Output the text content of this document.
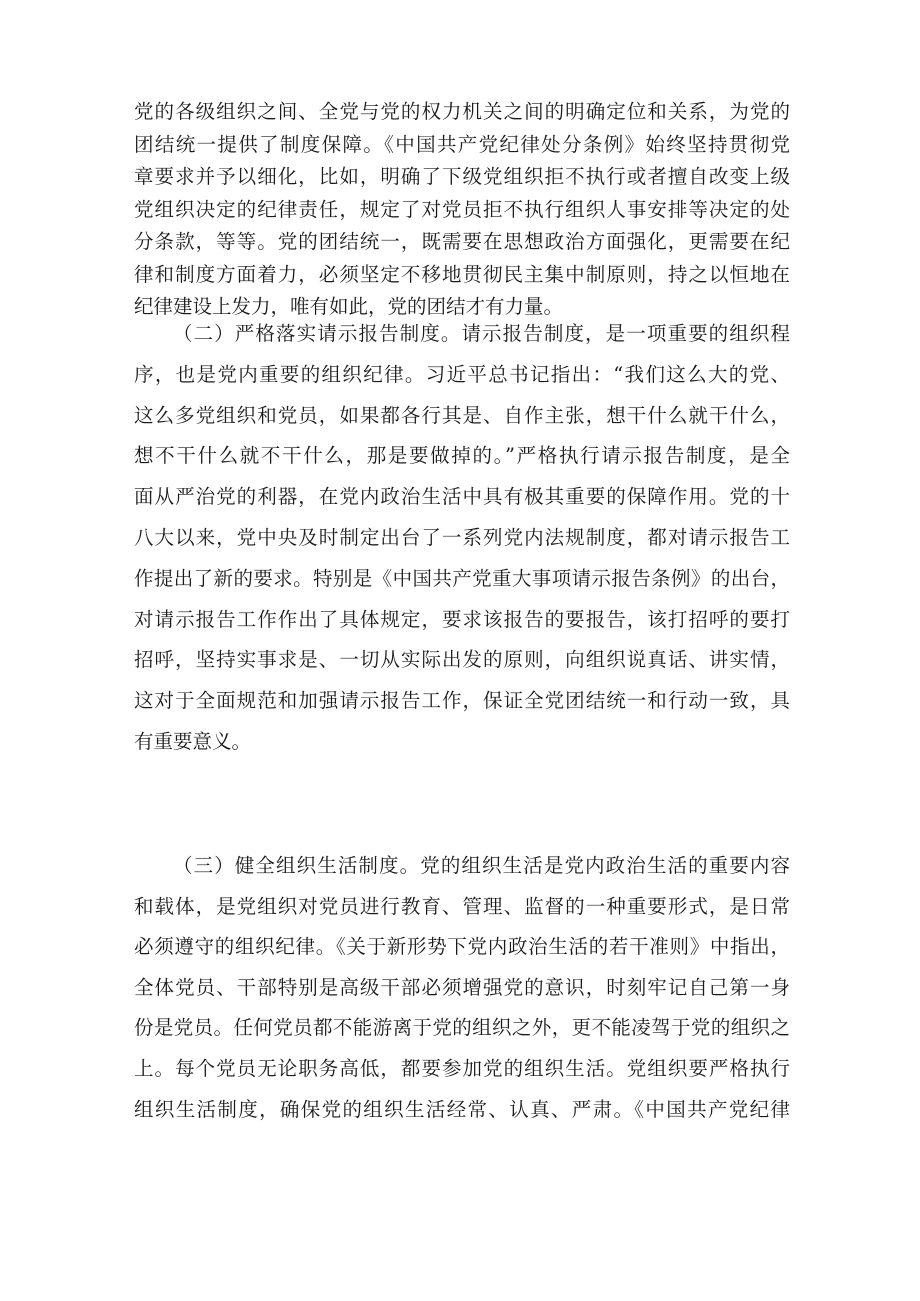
党的各级组织之间、全党与党的权力机关之间的明确定位和关系，为党的
团结统一提供了制度保障。《中国共产党纪律处分条例》始终坚持贯彻党
章要求并予以细化，比如，明确了下级党组织拒不执行或者擅自改变上级
党组织决定的纪律责任，规定了对党员拒不执行组织人事安排等决定的处
分条款，等等。党的团结统一，既需要在思想政治方面强化，更需要在纪
律和制度方面着力，必须坚定不移地贯彻民主集中制原则，持之以恒地在
纪律建设上发力，唯有如此，党的团结才有力量。
（二）严格落实请示报告制度。请示报告制度，是一项重要的组织程
序，也是党内重要的组织纪律。习近平总书记指出：“我们这么大的党、
这么多党组织和党员，如果都各行其是、自作主张，想干什么就干什么，
想不干什么就不干什么，那是要做掉的。”严格执行请示报告制度，是全
面从严治党的利器，在党内政治生活中具有极其重要的保障作用。党的十
八大以来，党中央及时制定出台了一系列党内法规制度，都对请示报告工
作提出了新的要求。特别是《中国共产党重大事项请示报告条例》的出台，
对请示报告工作作出了具体规定，要求该报告的要报告，该打招呼的要打
招呼，坚持实事求是、一切从实际出发的原则，向组织说真话、讲实情，
这对于全面规范和加强请示报告工作，保证全党团结统一和行动一致，具
有重要意义。
（三）健全组织生活制度。党的组织生活是党内政治生活的重要内容
和载体，是党组织对党员进行教育、管理、监督的一种重要形式，是日常
必须遵守的组织纪律。《关于新形势下党内政治生活的若干准则》中指出，
全体党员、干部特别是高级干部必须增强党的意识，时刻牢记自己第一身
份是党员。任何党员都不能游离于党的组织之外，更不能凌驾于党的组织之
上。每个党员无论职务高低，都要参加党的组织生活。党组织要严格执行
组织生活制度，确保党的组织生活经常、认真、严肃。《中国共产党纪律
